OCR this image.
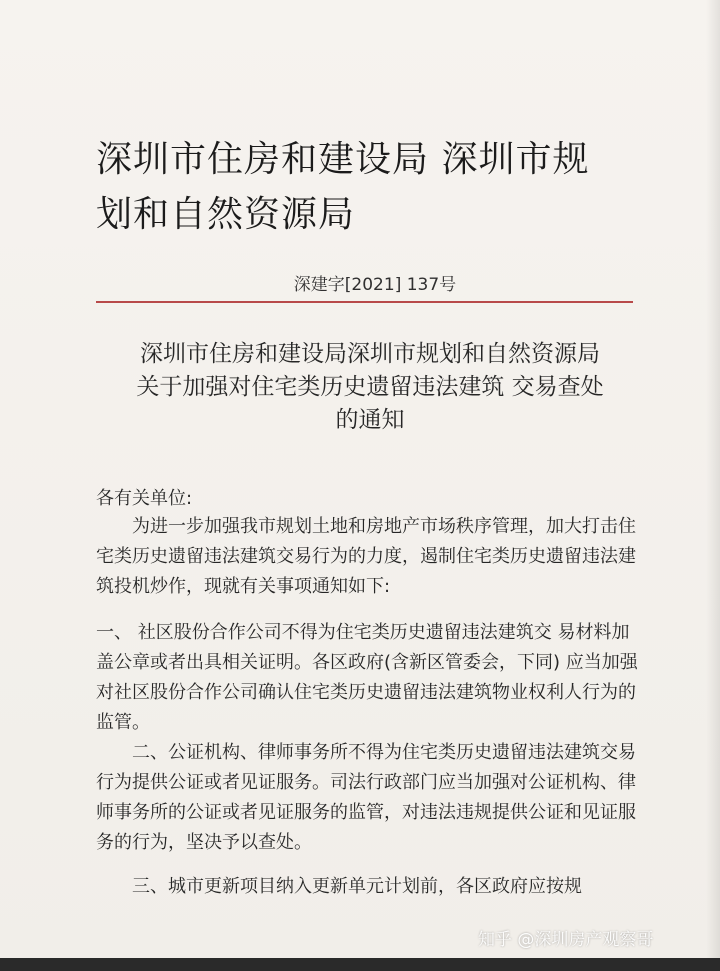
深圳市住房和建设局 深圳市规
划和自然资源局
深建字[2021] 137号
深圳市住房和建设局深圳市规划和自然资源局
关于加强对住宅类历史遗留违法建筑 交易查处
的通知
各有关单位:

为进一步加强我市规划土地和房地产市场秩序管理，加大打击住宅类历史遗留违法建筑交易行为的力度，遏制住宅类历史遗留违法建筑投机炒作，现就有关事项通知如下:

一、 社区股份合作公司不得为住宅类历史遗留违法建筑交 易材料加盖公章或者出具相关证明。各区政府(含新区管委会，下同) 应当加强对社区股份合作公司确认住宅类历史遗留违法建筑物业权利人行为的监管。

二、公证机构、律师事务所不得为住宅类历史遗留违法建筑交易行为提供公证或者见证服务。司法行政部门应当加强对公证机构、律师事务所的公证或者见证服务的监管，对违法违规提供公证和见证服务的行为，坚决予以查处。

三、城市更新项目纳入更新单元计划前，各区政府应按规

知乎 @深圳房产观察哥
